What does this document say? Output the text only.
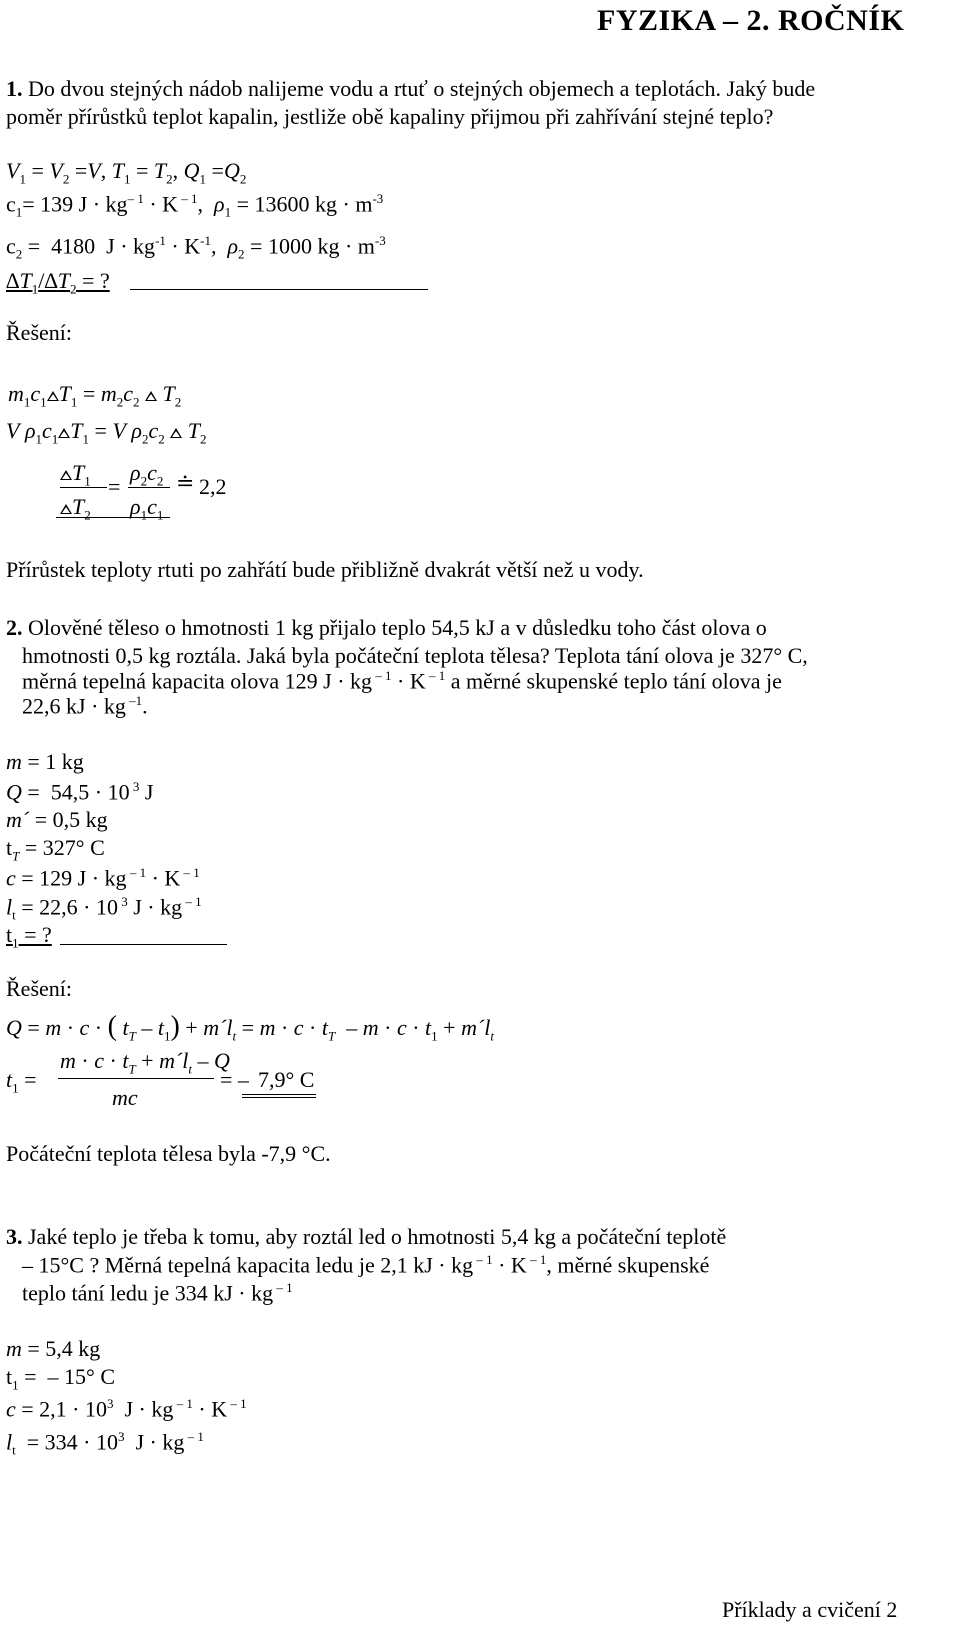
FYZIKA – 2. ROČNÍK
1. Do dvou stejných nádob nalijeme vodu a rtuť o stejných objemech a teplotách. Jaký bude
poměr přírůstků teplot kapalin, jestliže obě kapaliny přijmou při zahřívání stejné teplo?
$V_1 = V_2 =V$, $T_1 = T_2$, $Q_1 =Q_2$
$c_1= 139$ $J \cdot kg^{- 1} \cdot K$ $^{- 1}$,  $\rho_1 = 13600$ kg · $m^{-3}$
$c_2 = 4180$  $J \cdot kg^{-1} \cdot K^{-1}$,  $\rho_2 = 1000$ kg · $m^{-3}$
$\Delta T_1/\Delta T_2$ = ?
Řešení:
$m_1c_1$ $T_1 = m_2c_2$ $T_2$
V $\rho_1c_1$ $T_1 = V$ $\rho_2c_2$ $T_2$
$T_1$
$T_2$
=
$\rho_2c_2$
$\rho_1c_1$
≐ 2,2
Přírůstek teploty rtuti po zahřátí bude přibližně dvakrát větší než u vody.
2. Olověné těleso o hmotnosti 1 kg přijalo teplo 54,5 kJ a v důsledku toho část olova o
hmotnosti 0,5 kg roztála. Jaká byla počáteční teplota tělesa? Teplota tání olova je 327° C,
měrná tepelná kapacita olova 129 J · kg $^{- 1}$ · K $^{- 1}$ a měrné skupenské teplo tání olova je
22,6 kJ · kg $^{-1}$.
m = 1 kg
Q =  54,5 · 10 $^3$ J
m´ = 0,5 kg
$t_T = 327^\circ$ C
c = 129 J · kg $^{- 1}$ · K $^{- 1}$
$l_t = 22,6 \cdot 10$ $^3$ J · kg $^{- 1}$
$t_1$ = ?
Řešení:
Q = m · c · ( $t_T - t_1$) + $m´l_t = m \cdot c \cdot t_T - m \cdot c \cdot t_1$ + $m´l_t$
$t_1$ =
$m \cdot c \cdot t_T$ + $m´l_t$ – Q
mc
= – 7,9° C
Počáteční teplota tělesa byla -7,9 °C.
3. Jaké teplo je třeba k tomu, aby roztál led o hmotnosti 5,4 kg a počáteční teplotě
– 15°C ? Měrná tepelná kapacita ledu je 2,1 kJ · kg $^{- 1}$ · K $^{- 1}$, měrné skupenské
teplo tání ledu je 334 kJ · kg $^{- 1}$
m = 5,4 kg
$t_1$ =  – 15° C
$c = 2,1 \cdot 10^3$  J · kg $^{- 1}$ · K $^{- 1}$
$l_t = 334 \cdot 10^3$  J · kg $^{- 1}$
Příklady a cvičení 2
